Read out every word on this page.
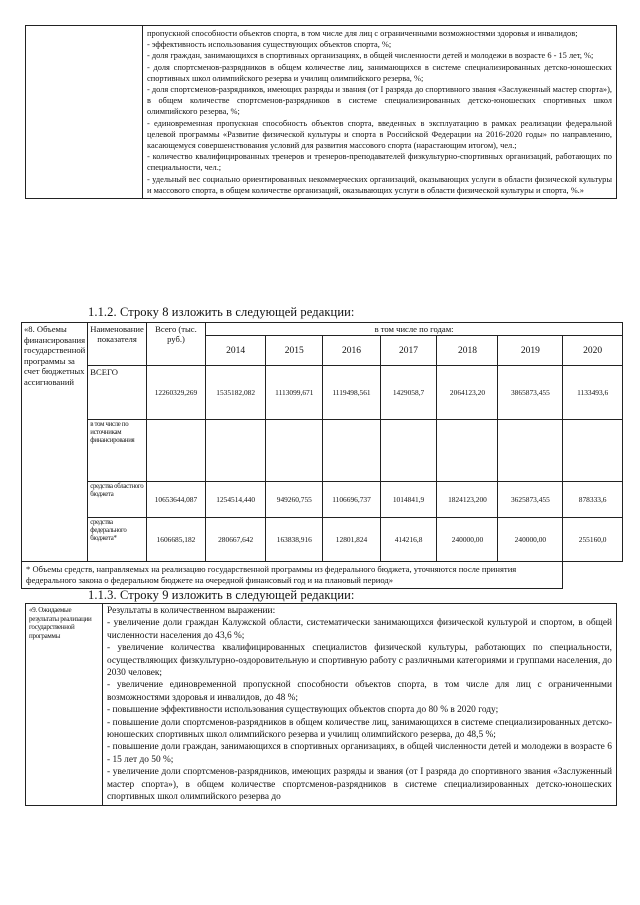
пропускной способности объектов спорта, в том числе для лиц с ограниченными возможностями здоровья и инвалидов;

- эффективность использования существующих объектов спорта, %;

- доля граждан, занимающихся в спортивных организациях, в общей численности детей и молодежи в возрасте 6 - 15 лет, %;

- доля спортсменов-разрядников в общем количестве лиц, занимающихся в системе специализированных детско-юношеских спортивных школ олимпийского резерва и училищ олимпийского резерва, %;

- доля спортсменов-разрядников, имеющих разряды и звания (от I разряда до спортивного звания «Заслуженный мастер спорта»), в общем количестве спортсменов-разрядников в системе специализированных детско-юношеских спортивных школ олимпийского резерва, %;

- единовременная пропускная способность объектов спорта, введенных в эксплуатацию в рамках реализации федеральной целевой программы «Развитие физической культуры и спорта в Российской Федерации на 2016-2020 годы» по направлению, касающемуся совершенствования условий для развития массового спорта (нарастающим итогом), чел.;

- количество квалифицированных тренеров и тренеров-преподавателей физкультурно-спортивных организаций, работающих по специальности, чел.;

- удельный вес социально ориентированных некоммерческих организаций, оказывающих услуги в области физической культуры и массового спорта, в общем количестве организаций, оказывающих услуги в области физической культуры и спорта, %.»

1.1.2. Строку 8 изложить в следующей редакции:
«8. Объемы финансирования государственной программы за счет бюджетных ассигнований	Наименование показателя	Всего (тыс. руб.)	в том числе по годам:						
			2014	2015	2016	2017	2018	2019	2020
	ВСЕГО	12260329,269	1535182,082	1113099,671	1119498,561	1429058,7	2064123,20	3865873,455	1133493,6
	в том числе по источникам финансирования								
	средства областного бюджета	10653644,087	1254514,440	949260,755	1106696,737	1014841,9	1824123,200	3625873,455	878333,6
	средства федерального бюджета*	1606685,182	280667,642	163838,916	12801,824	414216,8	240000,00	240000,00	255160,0
* Объемы средств, направляемых на реализацию государственной программы из федерального бюджета, уточняются после принятия федерального закона о федеральном бюджете на очередной финансовый год и на плановый период»									
1.1.3. Строку 9 изложить в следующей редакции:
«9. Ожидаемые результаты реализации государственной программы	

Результаты в количественном выражении:

- увеличение доли граждан Калужской области, систематически занимающихся физической культурой и спортом, в общей численности населения до 43,6 %;

- увеличение количества квалифицированных специалистов физической культуры, работающих по специальности, осуществляющих физкультурно-оздоровительную и спортивную работу с различными категориями и группами населения, до 2030 человек;

- увеличение единовременной пропускной способности объектов спорта, в том числе для лиц с ограниченными возможностями здоровья и инвалидов, до 48 %;

- повышение эффективности использования существующих объектов спорта до 80 % в 2020 году;

- повышение доли спортсменов-разрядников в общем количестве лиц, занимающихся в системе специализированных детско-юношеских спортивных школ олимпийского резерва и училищ олимпийского резерва, до 48,5 %;

- повышение доли граждан, занимающихся в спортивных организациях, в общей численности детей и молодежи в возрасте 6 - 15 лет до 50 %;

- увеличение доли спортсменов-разрядников, имеющих разряды и звания (от I разряда до спортивного звания «Заслуженный мастер спорта»), в общем количестве спортсменов-разрядников в системе специализированных детско-юношеских спортивных школ олимпийского резерва до
